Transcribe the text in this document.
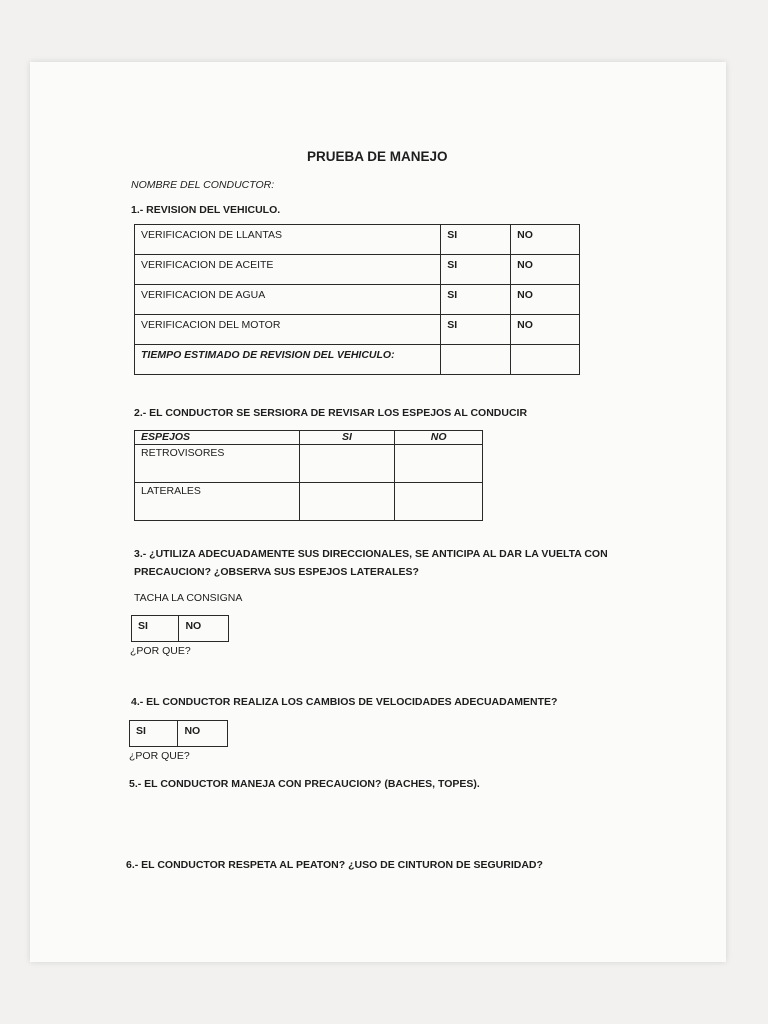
PRUEBA DE MANEJO
NOMBRE DEL CONDUCTOR:
1.- REVISION DEL VEHICULO.
VERIFICACION DE LLANTAS	SI	NO
VERIFICACION DE ACEITE	SI	NO
VERIFICACION DE AGUA	SI	NO
VERIFICACION DEL MOTOR	SI	NO
TIEMPO ESTIMADO DE REVISION DEL VEHICULO:		
2.- EL CONDUCTOR SE SERSIORA DE REVISAR LOS ESPEJOS AL CONDUCIR
ESPEJOS	SI	NO
RETROVISORES		
LATERALES		
3.- ¿UTILIZA ADECUADAMENTE SUS DIRECCIONALES, SE ANTICIPA AL DAR LA VUELTA CON
PRECAUCION? ¿OBSERVA SUS ESPEJOS LATERALES?
TACHA LA CONSIGNA
SI	NO
¿POR QUE?
4.- EL CONDUCTOR REALIZA LOS CAMBIOS DE VELOCIDADES ADECUADAMENTE?
SI	NO
¿POR QUE?
5.- EL CONDUCTOR MANEJA CON PRECAUCION? (BACHES, TOPES).
6.- EL CONDUCTOR RESPETA AL PEATON? ¿USO DE CINTURON DE SEGURIDAD?
